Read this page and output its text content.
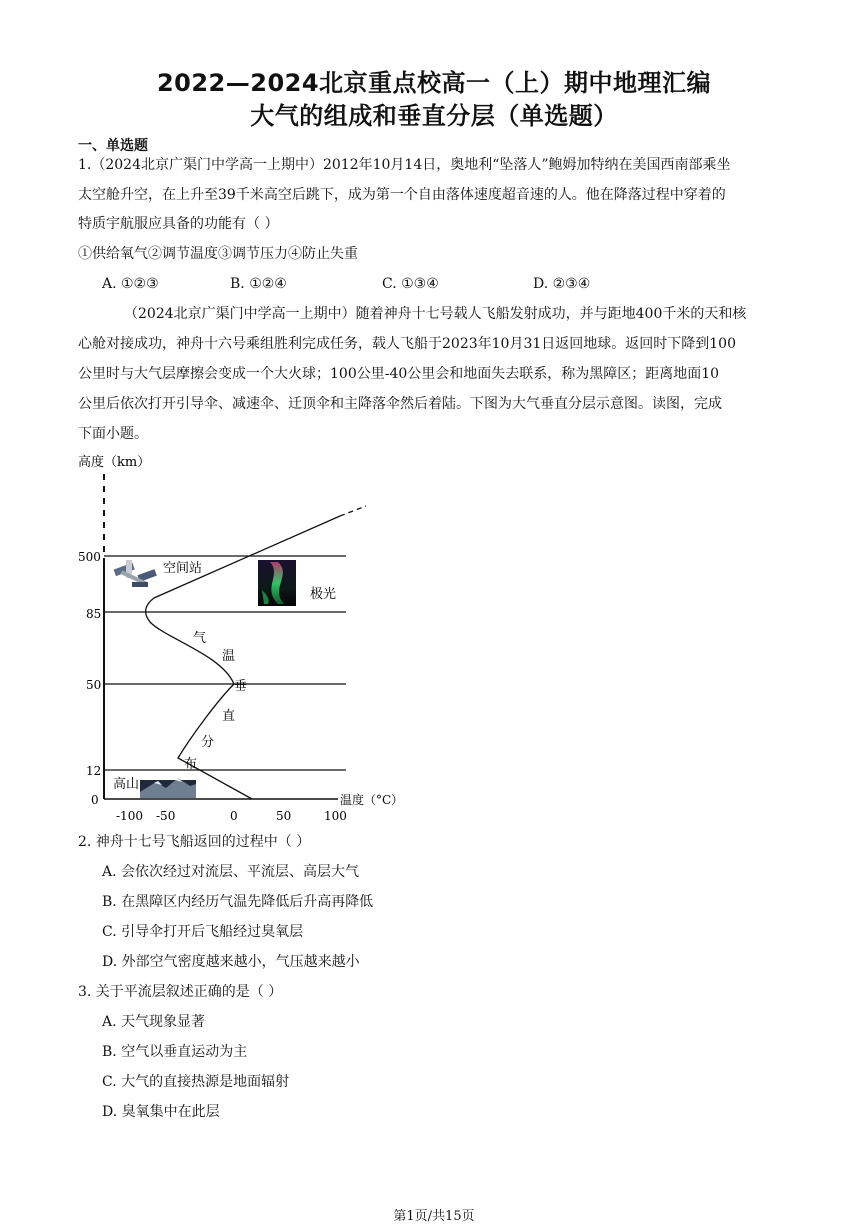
2022—2024北京重点校高一（上）期中地理汇编
大气的组成和垂直分层（单选题）
一、单选题
1.（2024北京广渠门中学高一上期中）2012年10月14日，奥地利“坠落人”鲍姆加特纳在美国西南部乘坐
太空舱升空，在上升至39千米高空后跳下，成为第一个自由落体速度超音速的人。他在降落过程中穿着的
特质宇航服应具备的功能有（ ）
①供给氧气②调节温度③调节压力④防止失重
A. ①②③	B. ①②④	C. ①③④	D. ②③④
（2024北京广渠门中学高一上期中）随着神舟十七号载人飞船发射成功，并与距地400千米的天和核
心舱对接成功，神舟十六号乘组胜利完成任务，载人飞船于2023年10月31日返回地球。返回时下降到100
公里时与大气层摩擦会变成一个大火球；100公里-40公里会和地面失去联系，称为黑障区；距离地面10
公里后依次打开引导伞、减速伞、迁顶伞和主降落伞然后着陆。下图为大气垂直分层示意图。读图，完成
下面小题。
高度（km）
500
85
50
12
0
-100 -50	0	50	100
温度（°C）
气
温
垂
直
分
布
空间站
极光
高山
2. 神舟十七号飞船返回的过程中（ ）
A. 会依次经过对流层、平流层、高层大气
B. 在黑障区内经历气温先降低后升高再降低
C. 引导伞打开后飞船经过臭氧层
D. 外部空气密度越来越小，气压越来越小
3. 关于平流层叙述正确的是（ ）
A. 天气现象显著
B. 空气以垂直运动为主
C. 大气的直接热源是地面辐射
D. 臭氧集中在此层
第1页/共15页
